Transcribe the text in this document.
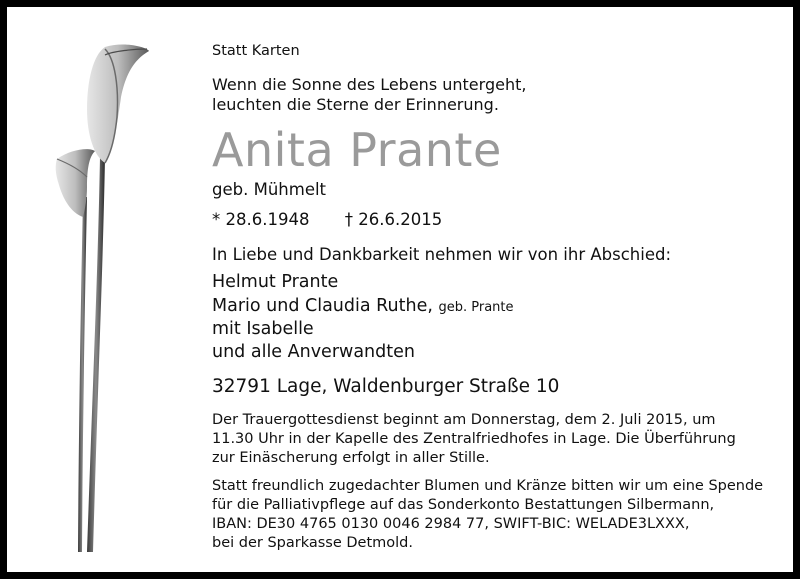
Statt Karten
Wenn die Sonne des Lebens untergeht,
leuchten die Sterne der Erinnerung.
Anita Prante
geb. Mühmelt
* 28.6.1948 † 26.6.2015
In Liebe und Dankbarkeit nehmen wir von ihr Abschied:
Helmut Prante
Mario und Claudia Ruthe, geb. Prante
mit Isabelle
und alle Anverwandten
32791 Lage, Waldenburger Straße 10
Der Trauergottesdienst beginnt am Donnerstag, dem 2. Juli 2015, um
11.30 Uhr in der Kapelle des Zentralfriedhofes in Lage. Die Überführung
zur Einäscherung erfolgt in aller Stille.
Statt freundlich zugedachter Blumen und Kränze bitten wir um eine Spende
für die Palliativpflege auf das Sonderkonto Bestattungen Silbermann,
IBAN: DE30 4765 0130 0046 2984 77, SWIFT-BIC: WELADE3LXXX,
bei der Sparkasse Detmold.
